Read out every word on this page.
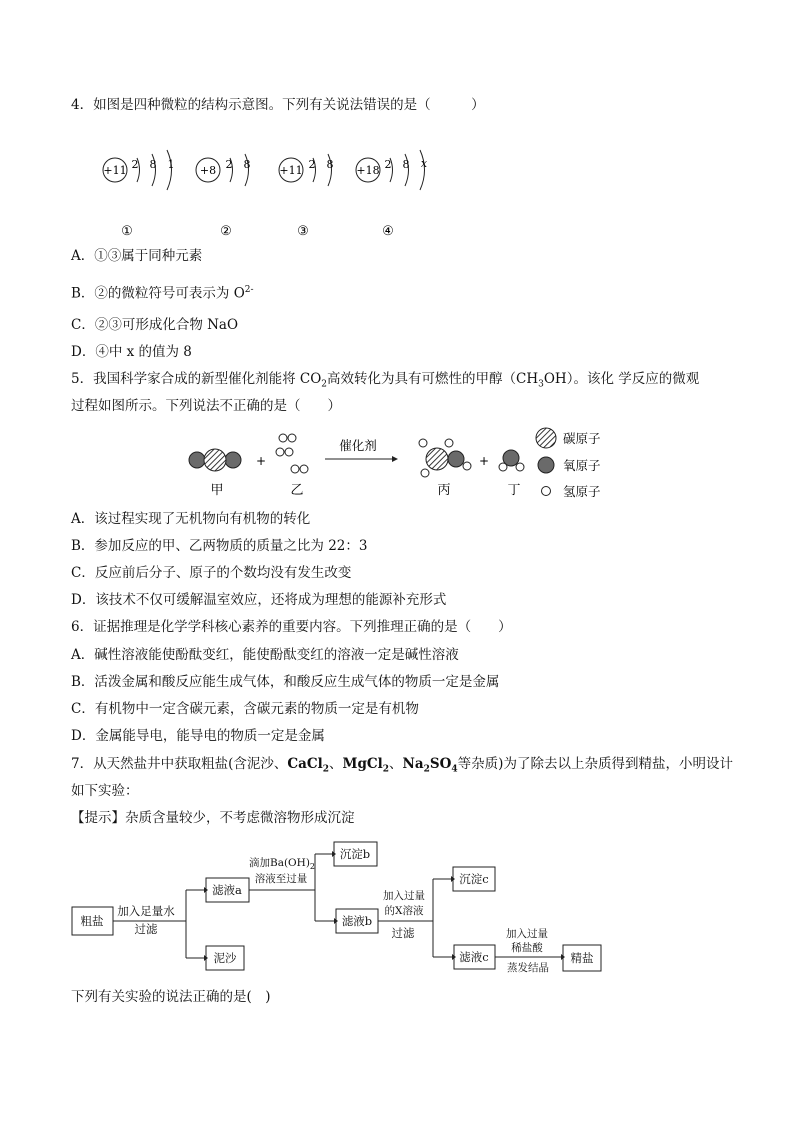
4．如图是四种微粒的结构示意图。下列有关说法错误的是（　　　）
+11 2 8 1 +8 2 8	+11 2 8 +18 2 8 x
①	②	③	④
A．①③属于同种元素
B．②的微粒符号可表示为 $O^{2-}$
C．②③可形成化合物 NaO
D．④中 x 的值为 8
5．我国科学家合成的新型催化剂能将 $CO_2$高效转化为具有可燃性的甲醇$(CH_3OH)$。该化 学反应的微观
过程如图所示。下列说法不正确的是（　　）
+
催化剂
+
碳原子
氧原子
氢原子
甲	乙	丙	丁
A．该过程实现了无机物向有机物的转化
B．参加反应的甲、乙两物质的质量之比为 22：3
C．反应前后分子、原子的个数均没有发生改变
D．该技术不仅可缓解温室效应，还将成为理想的能源补充形式
6．证据推理是化学学科核心素养的重要内容。下列推理正确的是（　　）
A．碱性溶液能使酚酞变红，能使酚酞变红的溶液一定是碱性溶液
B．活泼金属和酸反应能生成气体，和酸反应生成气体的物质一定是金属
C．有机物中一定含碳元素，含碳元素的物质一定是有机物
D．金属能导电，能导电的物质一定是金属
7．从天然盐井中获取粗盐(含泥沙、CaCl$_2$、MgCl$_2$、$Na_2SO_4$等杂质)为了除去以上杂质得到精盐，小明设计
如下实验：
【提示】杂质含量较少，不考虑微溶物形成沉淀
粗盐
加入足量水
过滤
滤液a
泥沙
滴加$Ba(OH)_2$
溶液至过量
沉淀b
滤液b
加入过量
的X溶液
过滤
沉淀c
滤液c
加入过量
稀盐酸
蒸发结晶
精盐
下列有关实验的说法正确的是(　)
